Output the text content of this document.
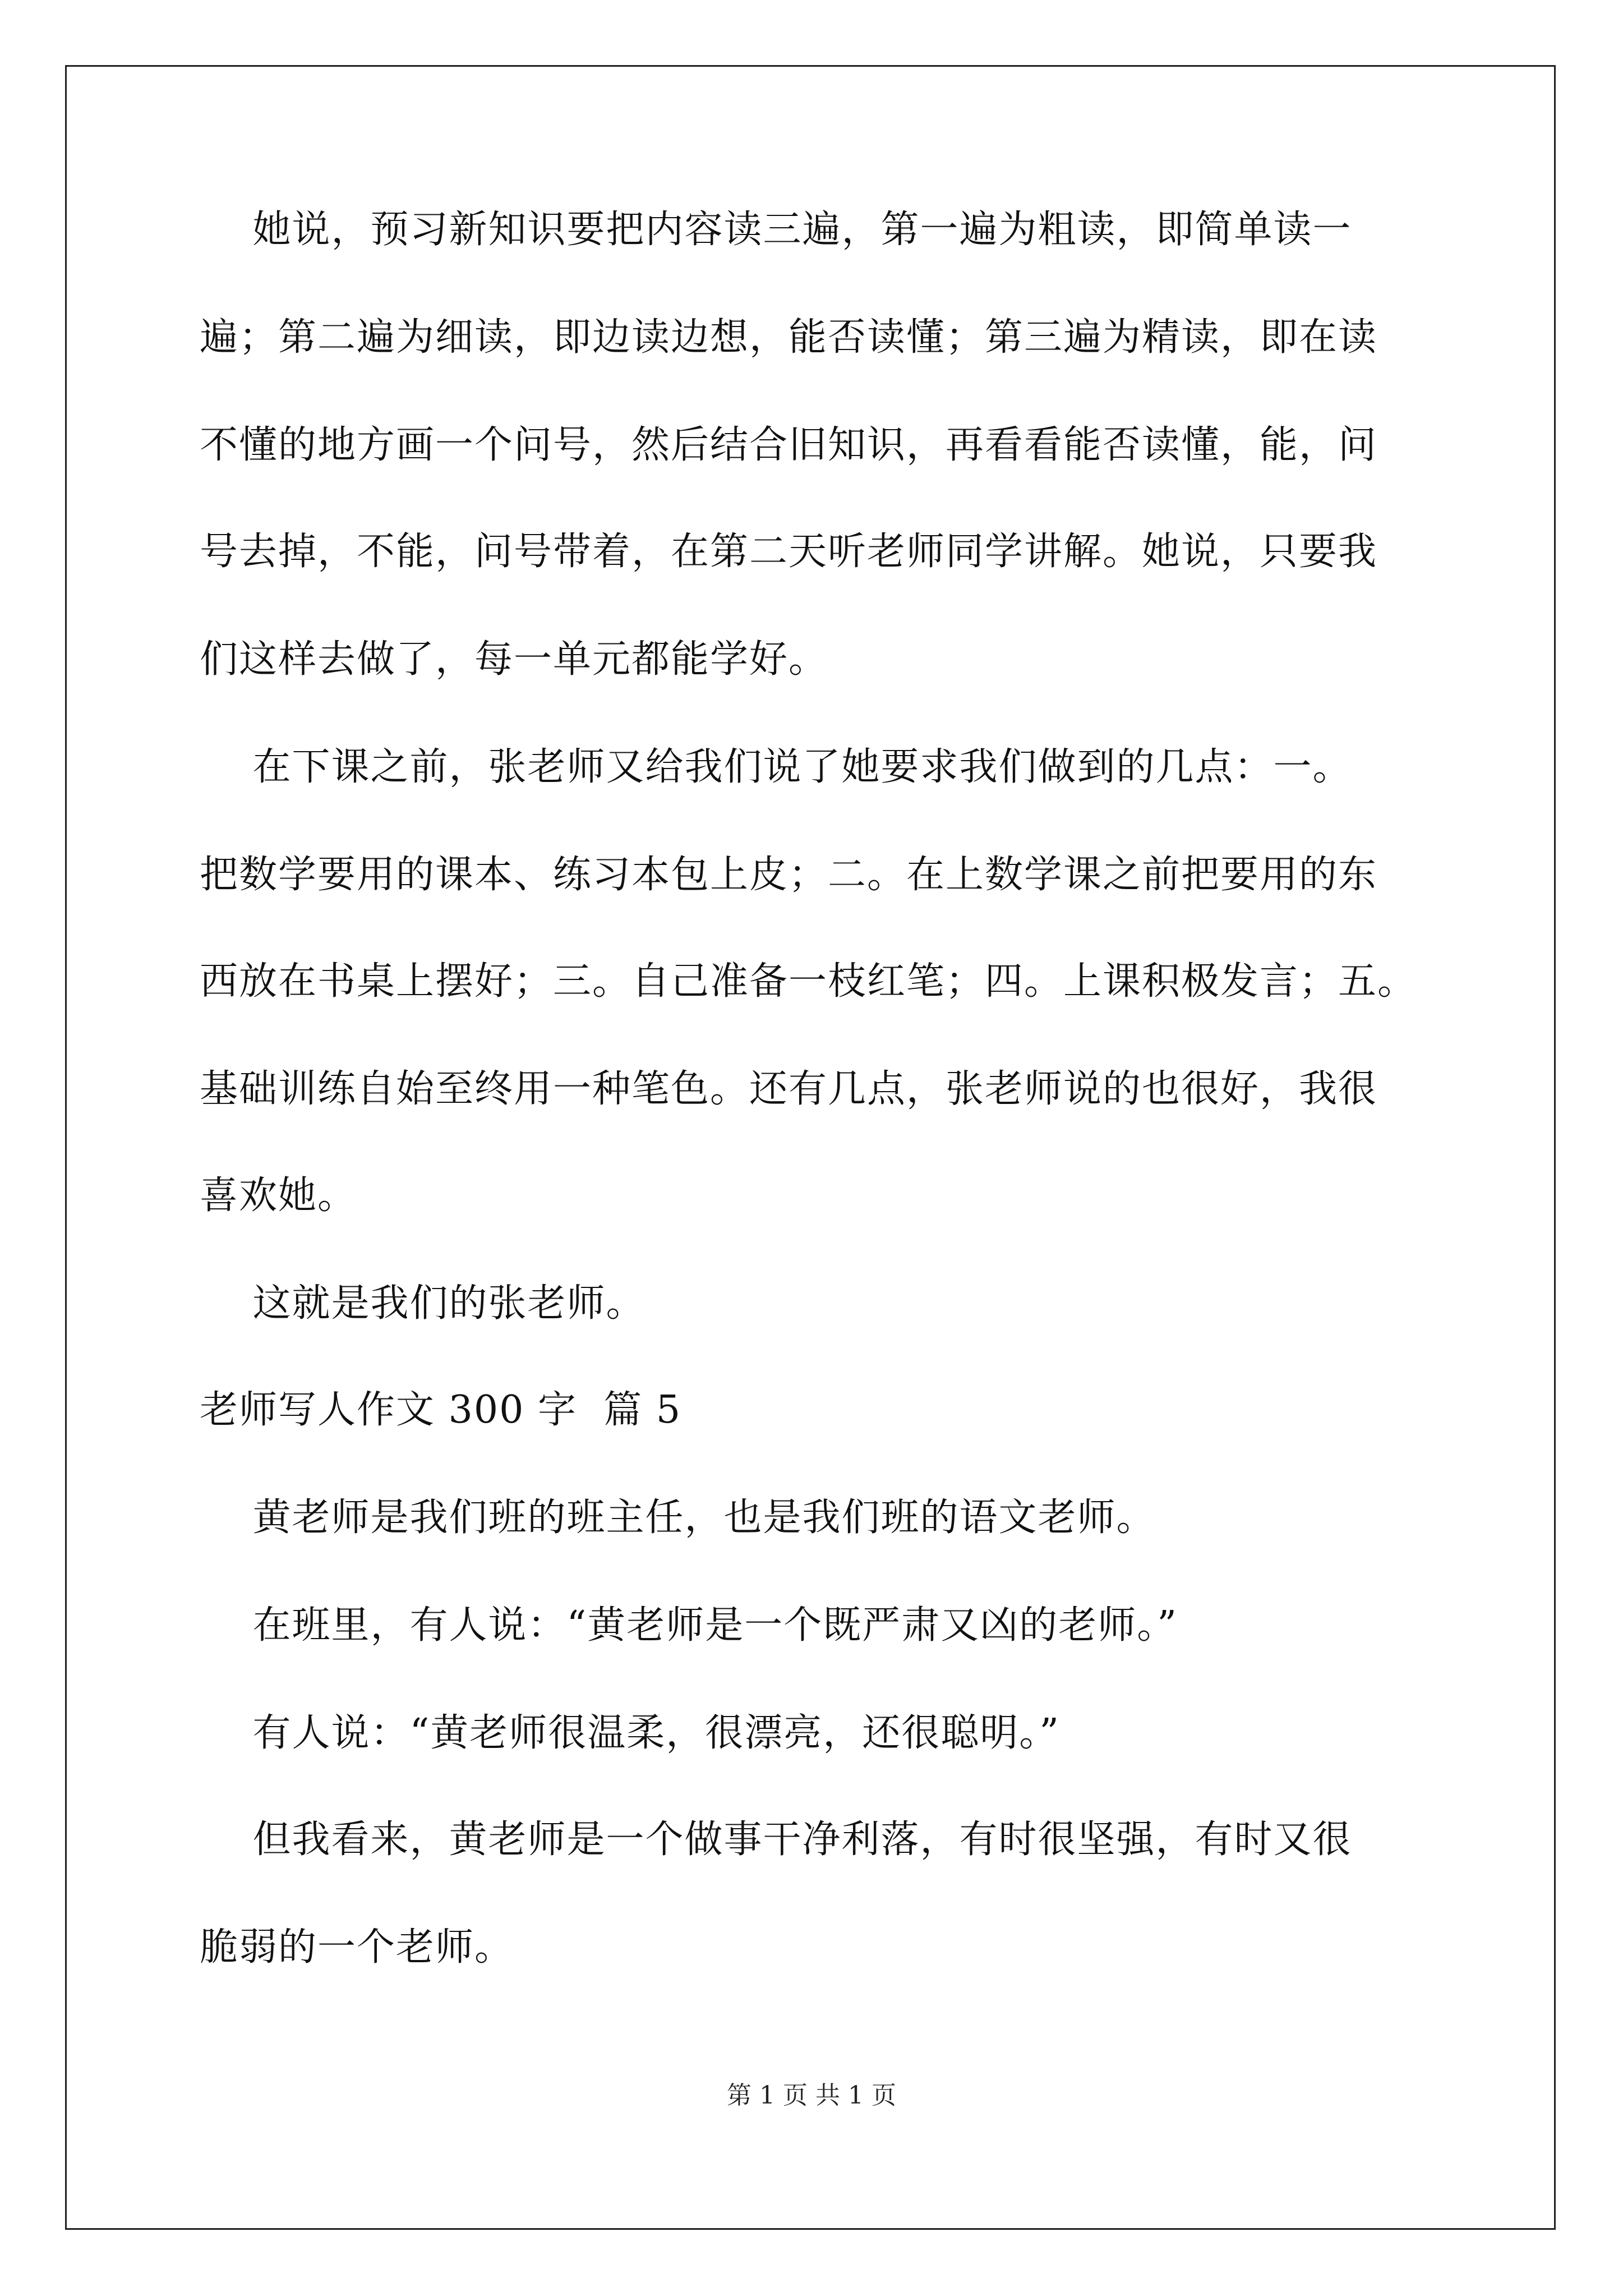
她说，预习新知识要把内容读三遍，第一遍为粗读，即简单读一
遍；第二遍为细读，即边读边想，能否读懂；第三遍为精读，即在读
不懂的地方画一个问号，然后结合旧知识，再看看能否读懂，能，问
号去掉，不能，问号带着，在第二天听老师同学讲解。她说，只要我
们这样去做了，每一单元都能学好。
在下课之前，张老师又给我们说了她要求我们做到的几点：一。
把数学要用的课本、练习本包上皮；二。在上数学课之前把要用的东
西放在书桌上摆好；三。自己准备一枝红笔；四。上课积极发言；五。
基础训练自始至终用一种笔色。还有几点，张老师说的也很好，我很
喜欢她。
这就是我们的张老师。
老师写人作文 300 字  篇 5
黄老师是我们班的班主任，也是我们班的语文老师。
在班里，有人说：“黄老师是一个既严肃又凶的老师。”
有人说：“黄老师很温柔，很漂亮，还很聪明。”
但我看来，黄老师是一个做事干净利落，有时很坚强，有时又很
脆弱的一个老师。
第 1 页 共 1 页
